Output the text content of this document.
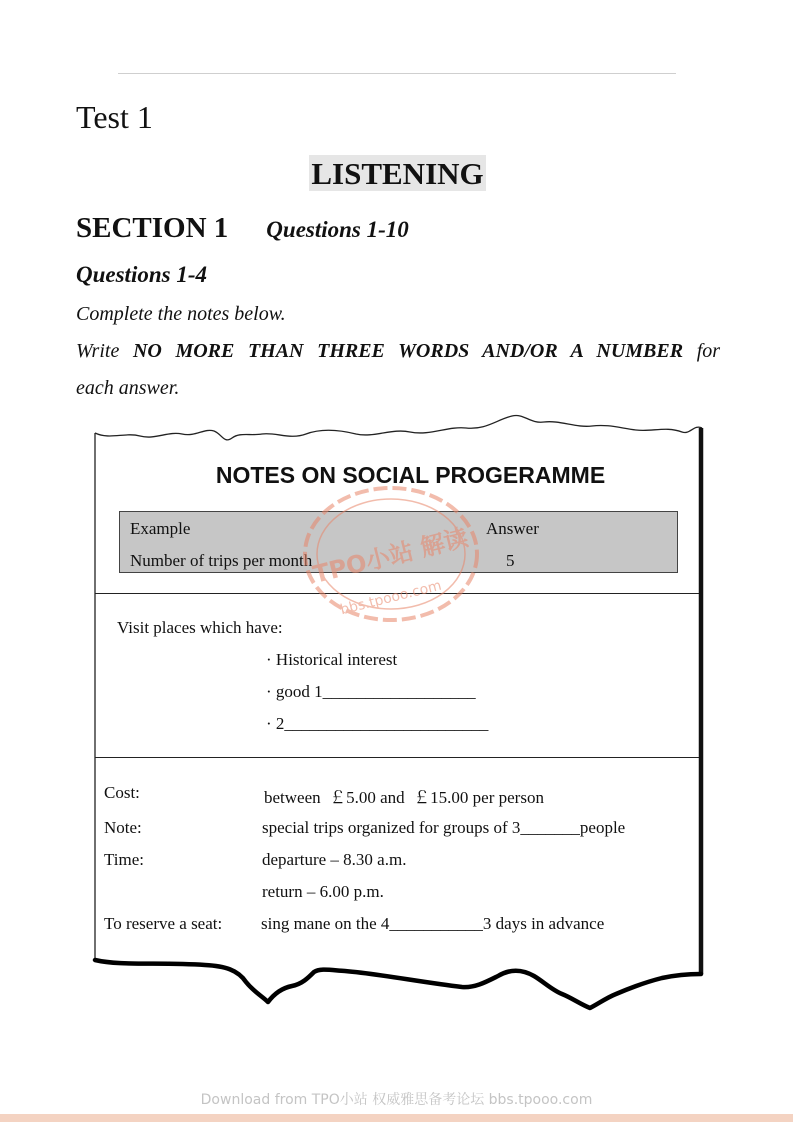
Test 1
LISTENING
SECTION 1 Questions 1-10
Questions 1-4
Complete the notes below.
Write NO MORE THAN THREE WORDS AND/OR A NUMBER for
each answer.
NOTES ON SOCIAL PROGERAMME
Example	Answer
Number of trips per month	5
Visit places which have:
· Historical interest
· good 1__________________
· 2________________________
Cost:	between  ￡5.00 and  ￡15.00 per person
Note:	special trips organized for groups of 3_______people
Time:	departure – 8.30 a.m.
return – 6.00 p.m.
To reserve a seat: sing mane on the 4___________3 days in advance
TPO小站 解读
bbs.tpooo.com
Download from TPO小站 权威雅思备考论坛 bbs.tpooo.com
